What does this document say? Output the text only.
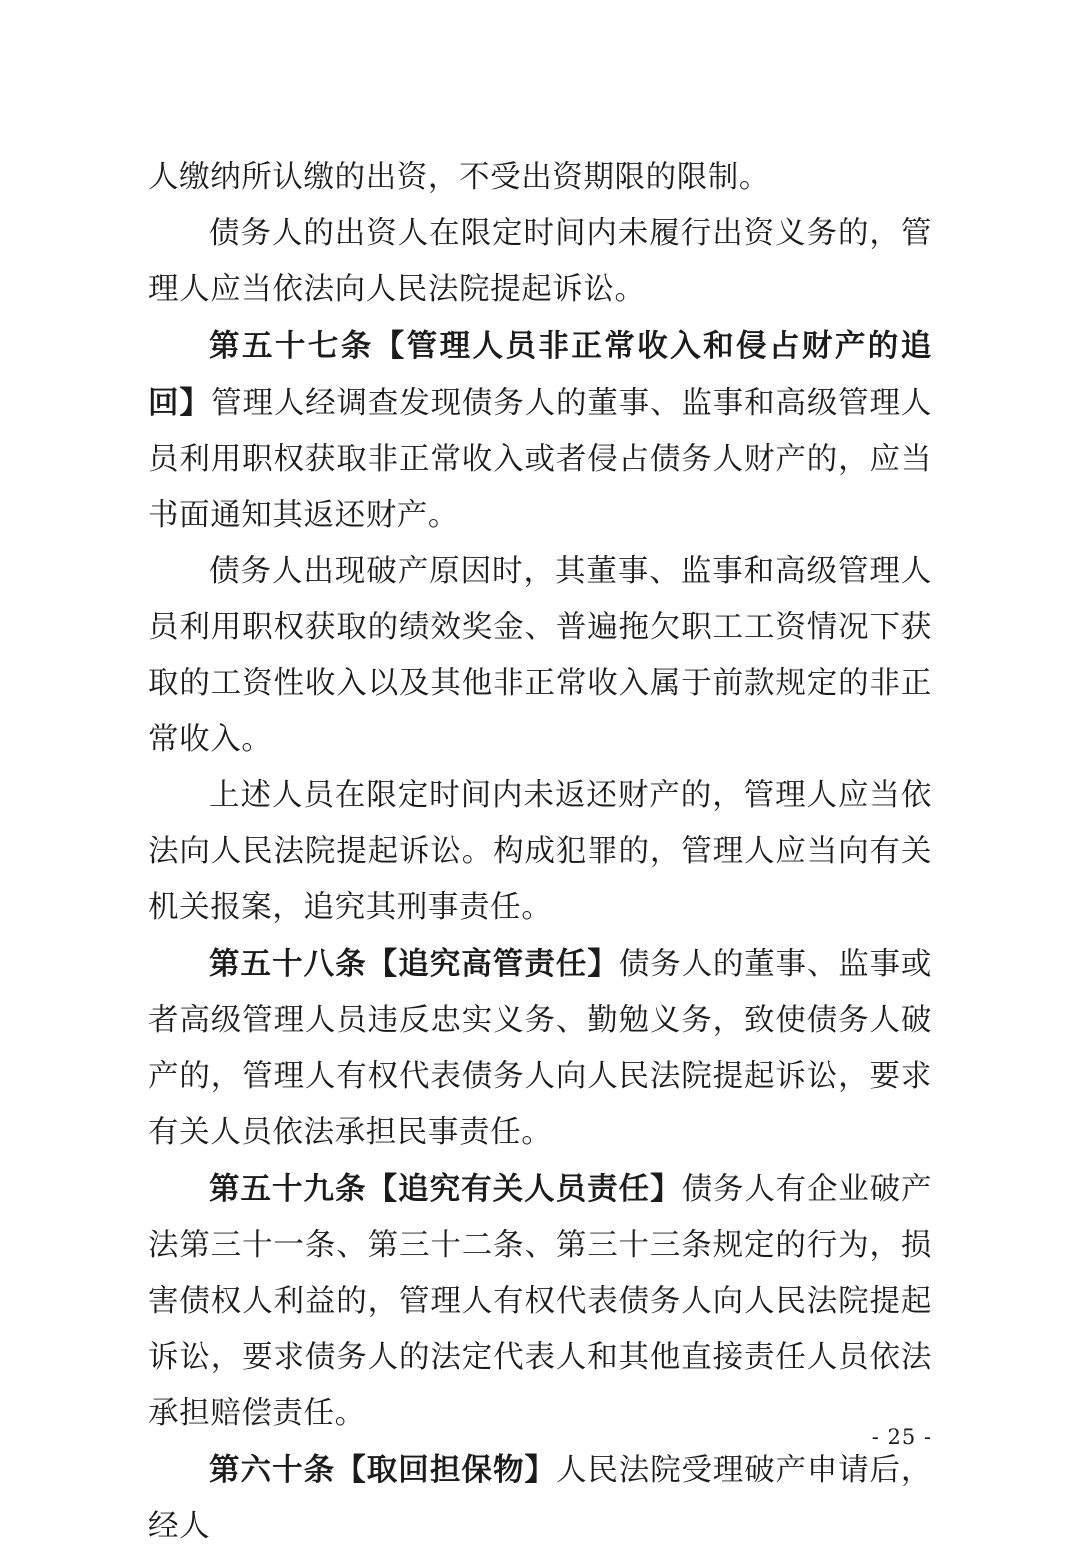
人缴纳所认缴的出资，不受出资期限的限制。

债务人的出资人在限定时间内未履行出资义务的，管理人应当依法向人民法院提起诉讼。

第五十七条【管理人员非正常收入和侵占财产的追回】管理人经调查发现债务人的董事、监事和高级管理人员利用职权获取非正常收入或者侵占债务人财产的，应当书面通知其返还财产。

债务人出现破产原因时，其董事、监事和高级管理人员利用职权获取的绩效奖金、普遍拖欠职工工资情况下获取的工资性收入以及其他非正常收入属于前款规定的非正常收入。

上述人员在限定时间内未返还财产的，管理人应当依法向人民法院提起诉讼。构成犯罪的，管理人应当向有关机关报案，追究其刑事责任。

第五十八条【追究高管责任】债务人的董事、监事或者高级管理人员违反忠实义务、勤勉义务，致使债务人破产的，管理人有权代表债务人向人民法院提起诉讼，要求有关人员依法承担民事责任。

第五十九条【追究有关人员责任】债务人有企业破产法第三十一条、第三十二条、第三十三条规定的行为，损害债权人利益的，管理人有权代表债务人向人民法院提起诉讼，要求债务人的法定代表人和其他直接责任人员依法承担赔偿责任。

第六十条【取回担保物】人民法院受理破产申请后，经人

- 25 -
